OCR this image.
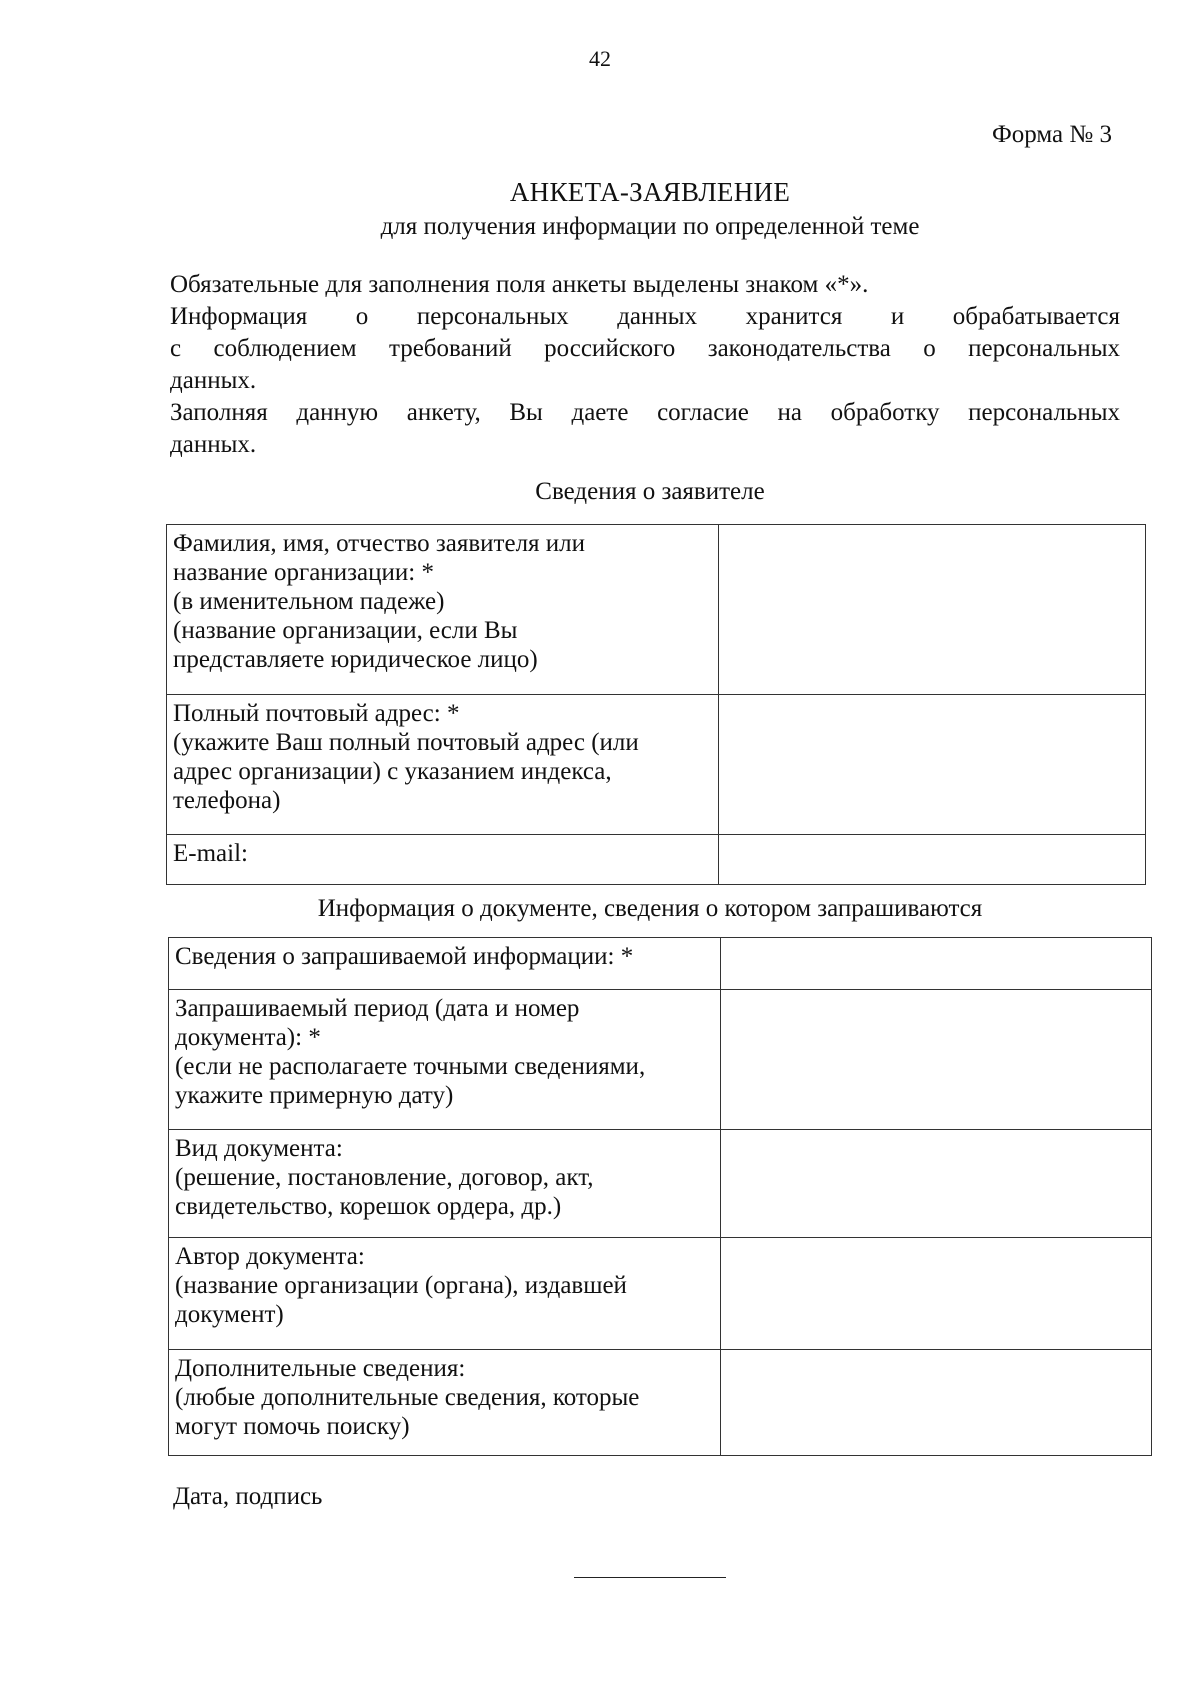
42
Форма № 3
АНКЕТА-ЗАЯВЛЕНИЕ
для получения информации по определенной теме

Обязательные для заполнения поля анкеты выделены знаком «*».

Информация о персональных данных хранится и обрабатывается

с соблюдением требований российского законодательства о персональных

данных.

Заполняя данную анкету, Вы даете согласие на обработку персональных

данных.

Сведения о заявителе
Фамилия, имя, отчество заявителя или
название организации: *
(в именительном падеже)
(название организации, если Вы
представляете юридическое лицо)	

Полный почтовый адрес: *
(укажите Ваш полный почтовый адрес (или
адрес организации) с указанием индекса,
телефона)	

E-mail:	

Информация о документе, сведения о котором запрашиваются
Сведения о запрашиваемой информации: *	

Запрашиваемый период (дата и номер
документа): *
(если не располагаете точными сведениями,
укажите примерную дату)	

Вид документа:
(решение, постановление, договор, акт,
свидетельство, корешок ордера, др.)	

Автор документа:
(название организации (органа), издавшей
документ)	

Дополнительные сведения:
(любые дополнительные сведения, которые
могут помочь поиску)	

Дата, подпись
